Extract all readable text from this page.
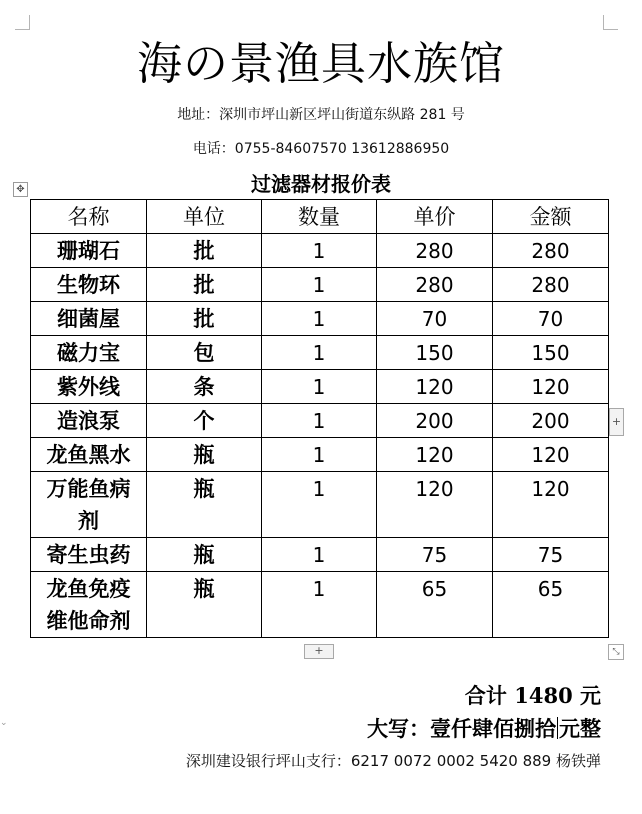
海の景渔具水族馆
地址：深圳市坪山新区坪山街道东纵路 281 号
电话：0755-84607570 13612886950
过滤器材报价表
✥
名称	单位	数量	单价	金额
珊瑚石	批	1	280	280
生物环	批	1	280	280
细菌屋	批	1	70	70
磁力宝	包	1	150	150
紫外线	条	1	120	120
造浪泵	个	1	200	200
龙鱼黑水	瓶	1	120	120
万能鱼病剂	瓶	1	120	120
寄生虫药	瓶	1	75	75
龙鱼免疫维他命剂	瓶	1	65	65
+
+	⤡
合计 1480 元
大写：壹仟肆佰捌拾 元整
深圳建设银行坪山支行：6217 0072 0002 5420 889 杨铁弹
⌄
